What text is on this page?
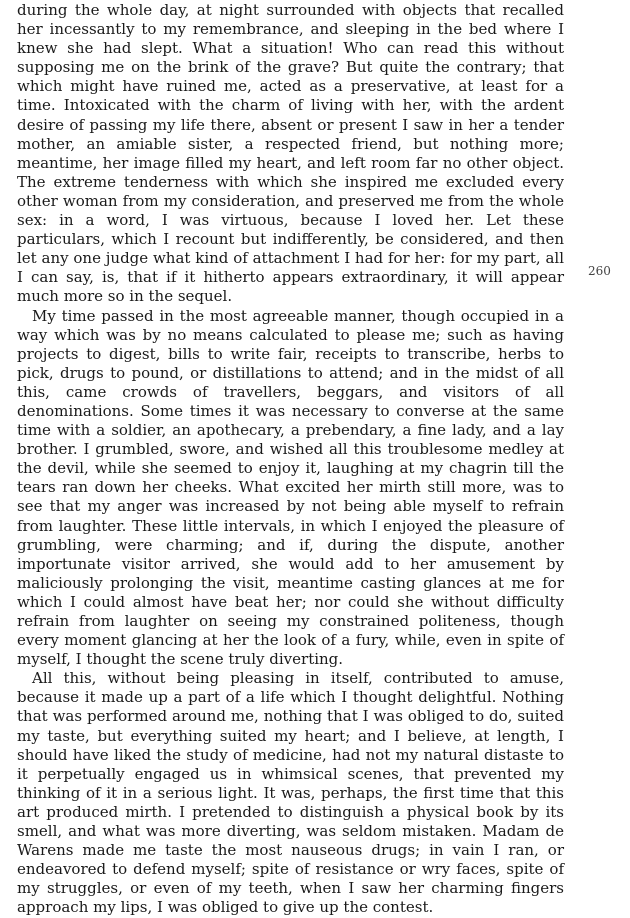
during the whole day, at night surrounded with objects that recalled her incessantly to my remembrance, and sleeping in the bed where I knew she had slept. What a situation! Who can read this without supposing me on the brink of the grave? But quite the contrary; that which might have ruined me, acted as a preservative, at least for a time. Intoxicated with the charm of living with her, with the ardent desire of passing my life there, absent or present I saw in her a tender mother, an amiable sister, a respected friend, but nothing more; meantime, her image filled my heart, and left room far no other object. The extreme tenderness with which she inspired me excluded every other woman from my consideration, and preserved me from the whole sex: in a word, I was virtuous, because I loved her. Let these particulars, which I recount but indifferently, be considered, and then let any one judge what kind of attachment I had for her: for my part, all I can say, is, that if it hitherto appears extraordinary, it will appear much more so in the sequel.

My time passed in the most agreeable manner, though occupied in a way which was by no means calculated to please me; such as having projects to digest, bills to write fair, receipts to transcribe, herbs to pick, drugs to pound, or distillations to attend; and in the midst of all this, came crowds of travellers, beggars, and visitors of all denominations. Some times it was necessary to converse at the same time with a soldier, an apothecary, a prebendary, a fine lady, and a lay brother. I grumbled, swore, and wished all this troublesome medley at the devil, while she seemed to enjoy it, laughing at my chagrin till the tears ran down her cheeks. What excited her mirth still more, was to see that my anger was increased by not being able myself to refrain from laughter. These little intervals, in which I enjoyed the pleasure of grumbling, were charming; and if, during the dispute, another importunate visitor arrived, she would add to her amusement by maliciously prolonging the visit, meantime casting glances at me for which I could almost have beat her; nor could she without difficulty refrain from laughter on seeing my constrained politeness, though every moment glancing at her the look of a fury, while, even in spite of myself, I thought the scene truly diverting.

All this, without being pleasing in itself, contributed to amuse, because it made up a part of a life which I thought delightful. Nothing that was performed around me, nothing that I was obliged to do, suited my taste, but everything suited my heart; and I believe, at length, I should have liked the study of medicine, had not my natural distaste to it perpetually engaged us in whimsical scenes, that prevented my thinking of it in a serious light. It was, perhaps, the first time that this art produced mirth. I pretended to distinguish a physical book by its smell, and what was more diverting, was seldom mistaken. Madam de Warens made me taste the most nauseous drugs; in vain I ran, or endeavored to defend myself; spite of resistance or wry faces, spite of my struggles, or even of my teeth, when I saw her charming fingers approach my lips, I was obliged to give up the contest.

260
